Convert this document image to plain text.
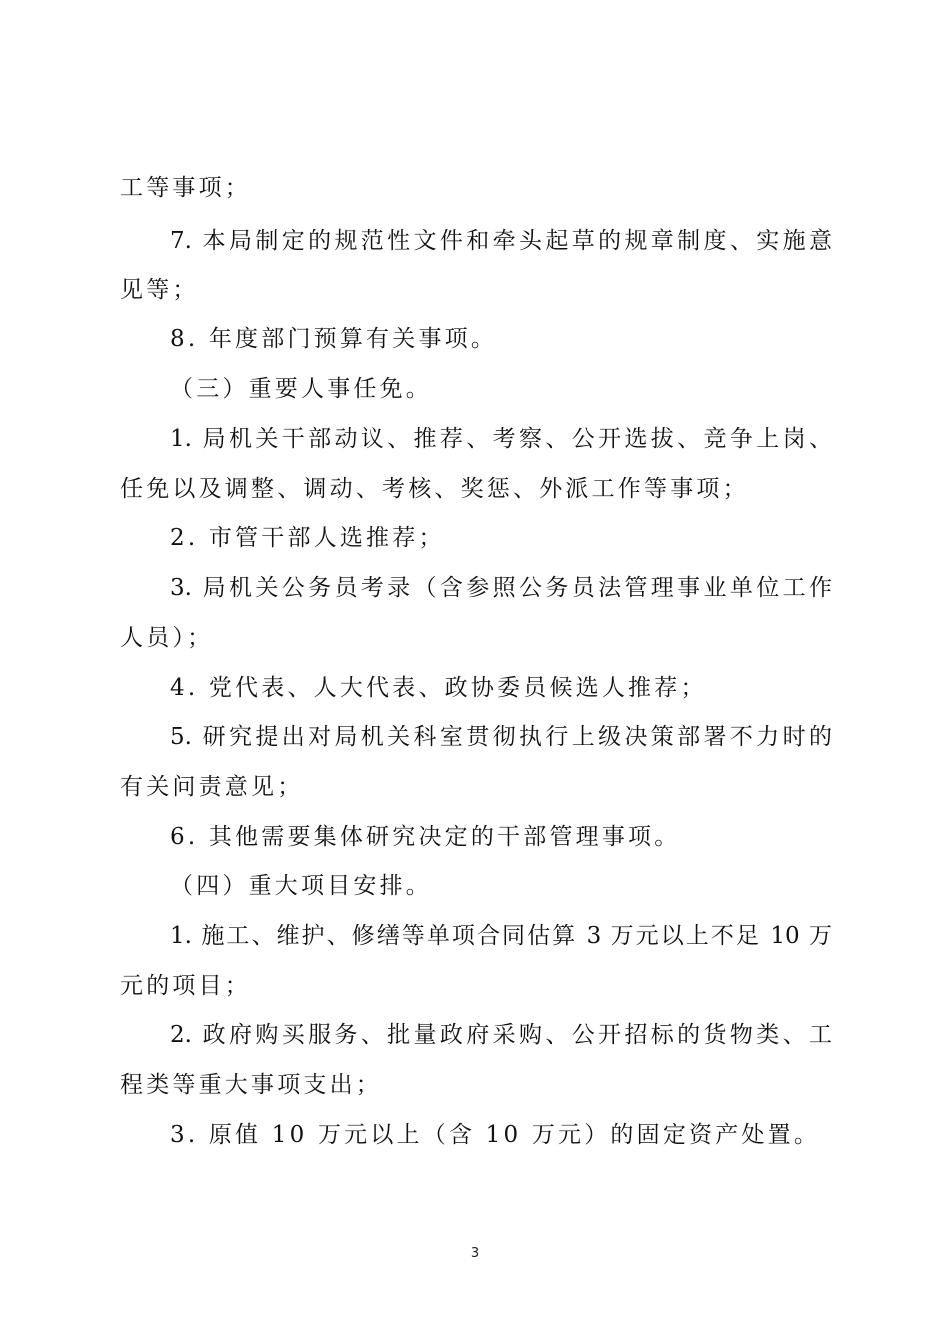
工等事项；
7. 本局制定的规范性文件和牵头起草的规章制度、实施意
见等；
8. 年度部门预算有关事项。
（三）重要人事任免。
1. 局机关干部动议、推荐、考察、公开选拔、竞争上岗、
任免以及调整、调动、考核、奖惩、外派工作等事项；
2. 市管干部人选推荐；
3. 局机关公务员考录（含参照公务员法管理事业单位工作
人员）；
4. 党代表、人大代表、政协委员候选人推荐；
5. 研究提出对局机关科室贯彻执行上级决策部署不力时的
有关问责意见；
6. 其他需要集体研究决定的干部管理事项。
（四）重大项目安排。
1. 施工、维护、修缮等单项合同估算 3 万元以上不足 10 万
元的项目；
2. 政府购买服务、批量政府采购、公开招标的货物类、工
程类等重大事项支出；
3. 原值 10 万元以上（含 10 万元）的固定资产处置。
3
